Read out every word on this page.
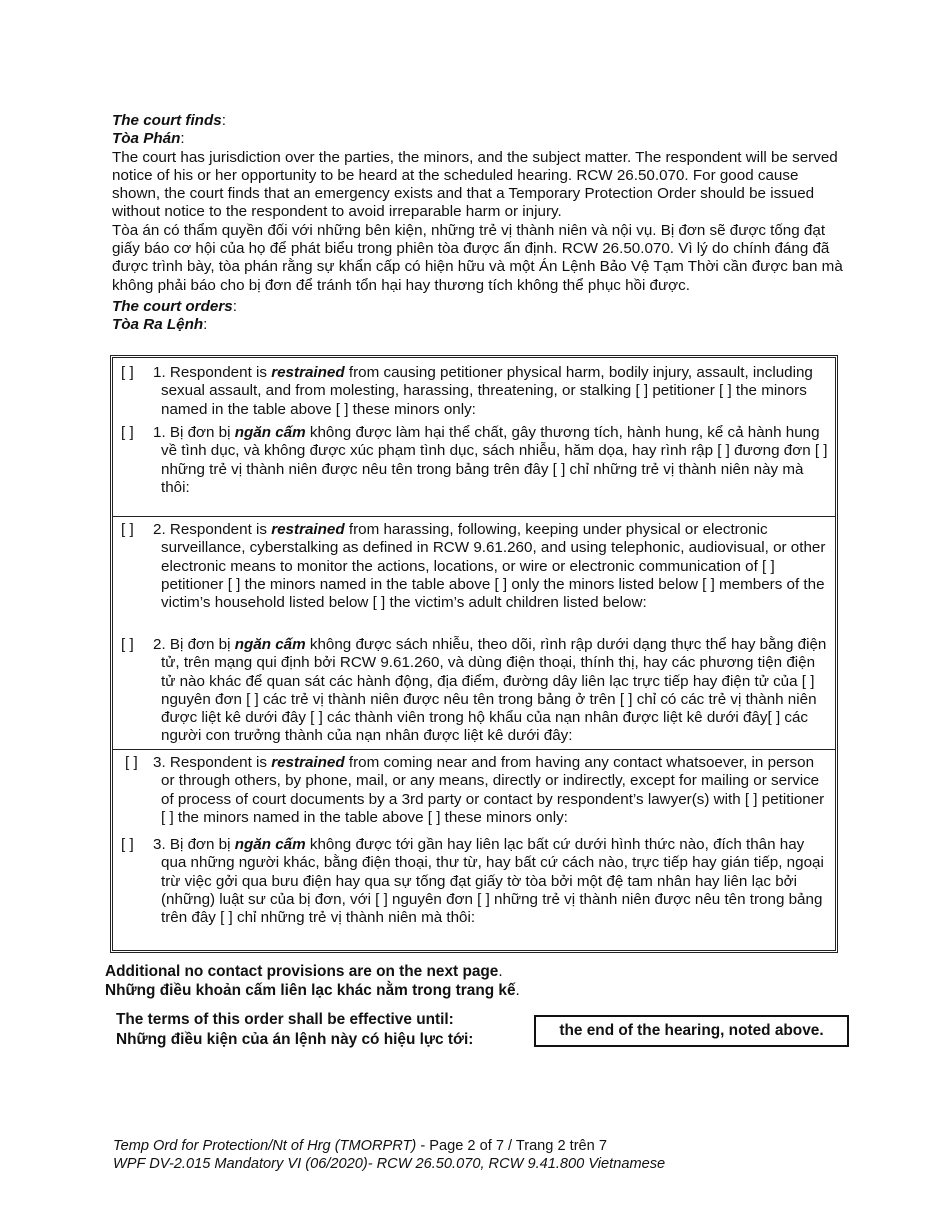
The court finds:

Tòa Phán:

The court has jurisdiction over the parties, the minors, and the subject matter. The respondent will be served notice of his or her opportunity to be heard at the scheduled hearing. RCW 26.50.070. For good cause shown, the court finds that an emergency exists and that a Temporary Protection Order should be issued without notice to the respondent to avoid irreparable harm or injury.

Tòa án có thẩm quyền đối với những bên kiện, những trẻ vị thành niên và nội vụ. Bị đơn sẽ được tống đạt giấy báo cơ hội của họ để phát biểu trong phiên tòa được ấn định. RCW 26.50.070. Vì lý do chính đáng đã được trình bày, tòa phán rằng sự khẩn cấp có hiện hữu và một Án Lệnh Bảo Vệ Tạm Thời cần được ban mà không phải báo cho bị đơn để tránh tổn hại hay thương tích không thể phục hồi được.

The court orders:

Tòa Ra Lệnh:

[ ] 1. Respondent is restrained from causing petitioner physical harm, bodily injury, assault, including sexual assault, and from molesting, harassing, threatening, or stalking [ ] petitioner [ ] the minors named in the table above [ ] these minors only:
[ ] 1. Bị đơn bị ngăn cấm không được làm hại thể chất, gây thương tích, hành hung, kể cả hành hung về tình dục, và không được xúc phạm tình dục, sách nhiễu, hăm dọa, hay rình rập [ ] đương đơn [ ] những trẻ vị thành niên được nêu tên trong bảng trên đây [ ] chỉ những trẻ vị thành niên này mà thôi:
[ ] 2. Respondent is restrained from harassing, following, keeping under physical or electronic surveillance, cyberstalking as defined in RCW 9.61.260, and using telephonic, audiovisual, or other electronic means to monitor the actions, locations, or wire or electronic communication of [ ] petitioner [ ] the minors named in the table above [ ] only the minors listed below [ ] members of the victim’s household listed below [ ] the victim’s adult children listed below:
[ ] 2. Bị đơn bị ngăn cấm không được sách nhiễu, theo dõi, rình rập dưới dạng thực thể hay bằng điện tử, trên mạng qui định bởi RCW 9.61.260, và dùng điện thoại, thính thị, hay các phương tiện điện tử nào khác để quan sát các hành động, địa điểm, đường dây liên lạc trực tiếp hay điện tử của [ ] nguyên đơn [ ] các trẻ vị thành niên được nêu tên trong bảng ở trên [ ] chỉ có các trẻ vị thành niên được liệt kê dưới đây [ ] các thành viên trong hộ khẩu của nạn nhân được liệt kê dưới đây[ ] các người con trưởng thành của nạn nhân được liệt kê dưới đây:
[ ] 3. Respondent is restrained from coming near and from having any contact whatsoever, in person or through others, by phone, mail, or any means, directly or indirectly, except for mailing or service of process of court documents by a 3rd party or contact by respondent’s lawyer(s) with [ ] petitioner [ ] the minors named in the table above [ ] these minors only:
[ ] 3. Bị đơn bị ngăn cấm không được tới gần hay liên lạc bất cứ dưới hình thức nào, đích thân hay qua những người khác, bằng điện thoại, thư từ, hay bất cứ cách nào, trực tiếp hay gián tiếp, ngoại trừ việc gởi qua bưu điện hay qua sự tống đạt giấy tờ tòa bởi một đệ tam nhân hay liên lạc bởi (những) luật sư của bị đơn, với [ ] nguyên đơn [ ] những trẻ vị thành niên được nêu tên trong bảng trên đây [ ] chỉ những trẻ vị thành niên mà thôi:
Additional no contact provisions are on the next page.
Những điều khoản cấm liên lạc khác nằm trong trang kế.
The terms of this order shall be effective until:
Những điều kiện của án lệnh này có hiệu lực tới:	the end of the hearing, noted above.
Temp Ord for Protection/Nt of Hrg (TMORPRT) - Page 2 of 7 / Trang 2 trên 7
WPF DV-2.015 Mandatory VI (06/2020)- RCW 26.50.070, RCW 9.41.800 Vietnamese
